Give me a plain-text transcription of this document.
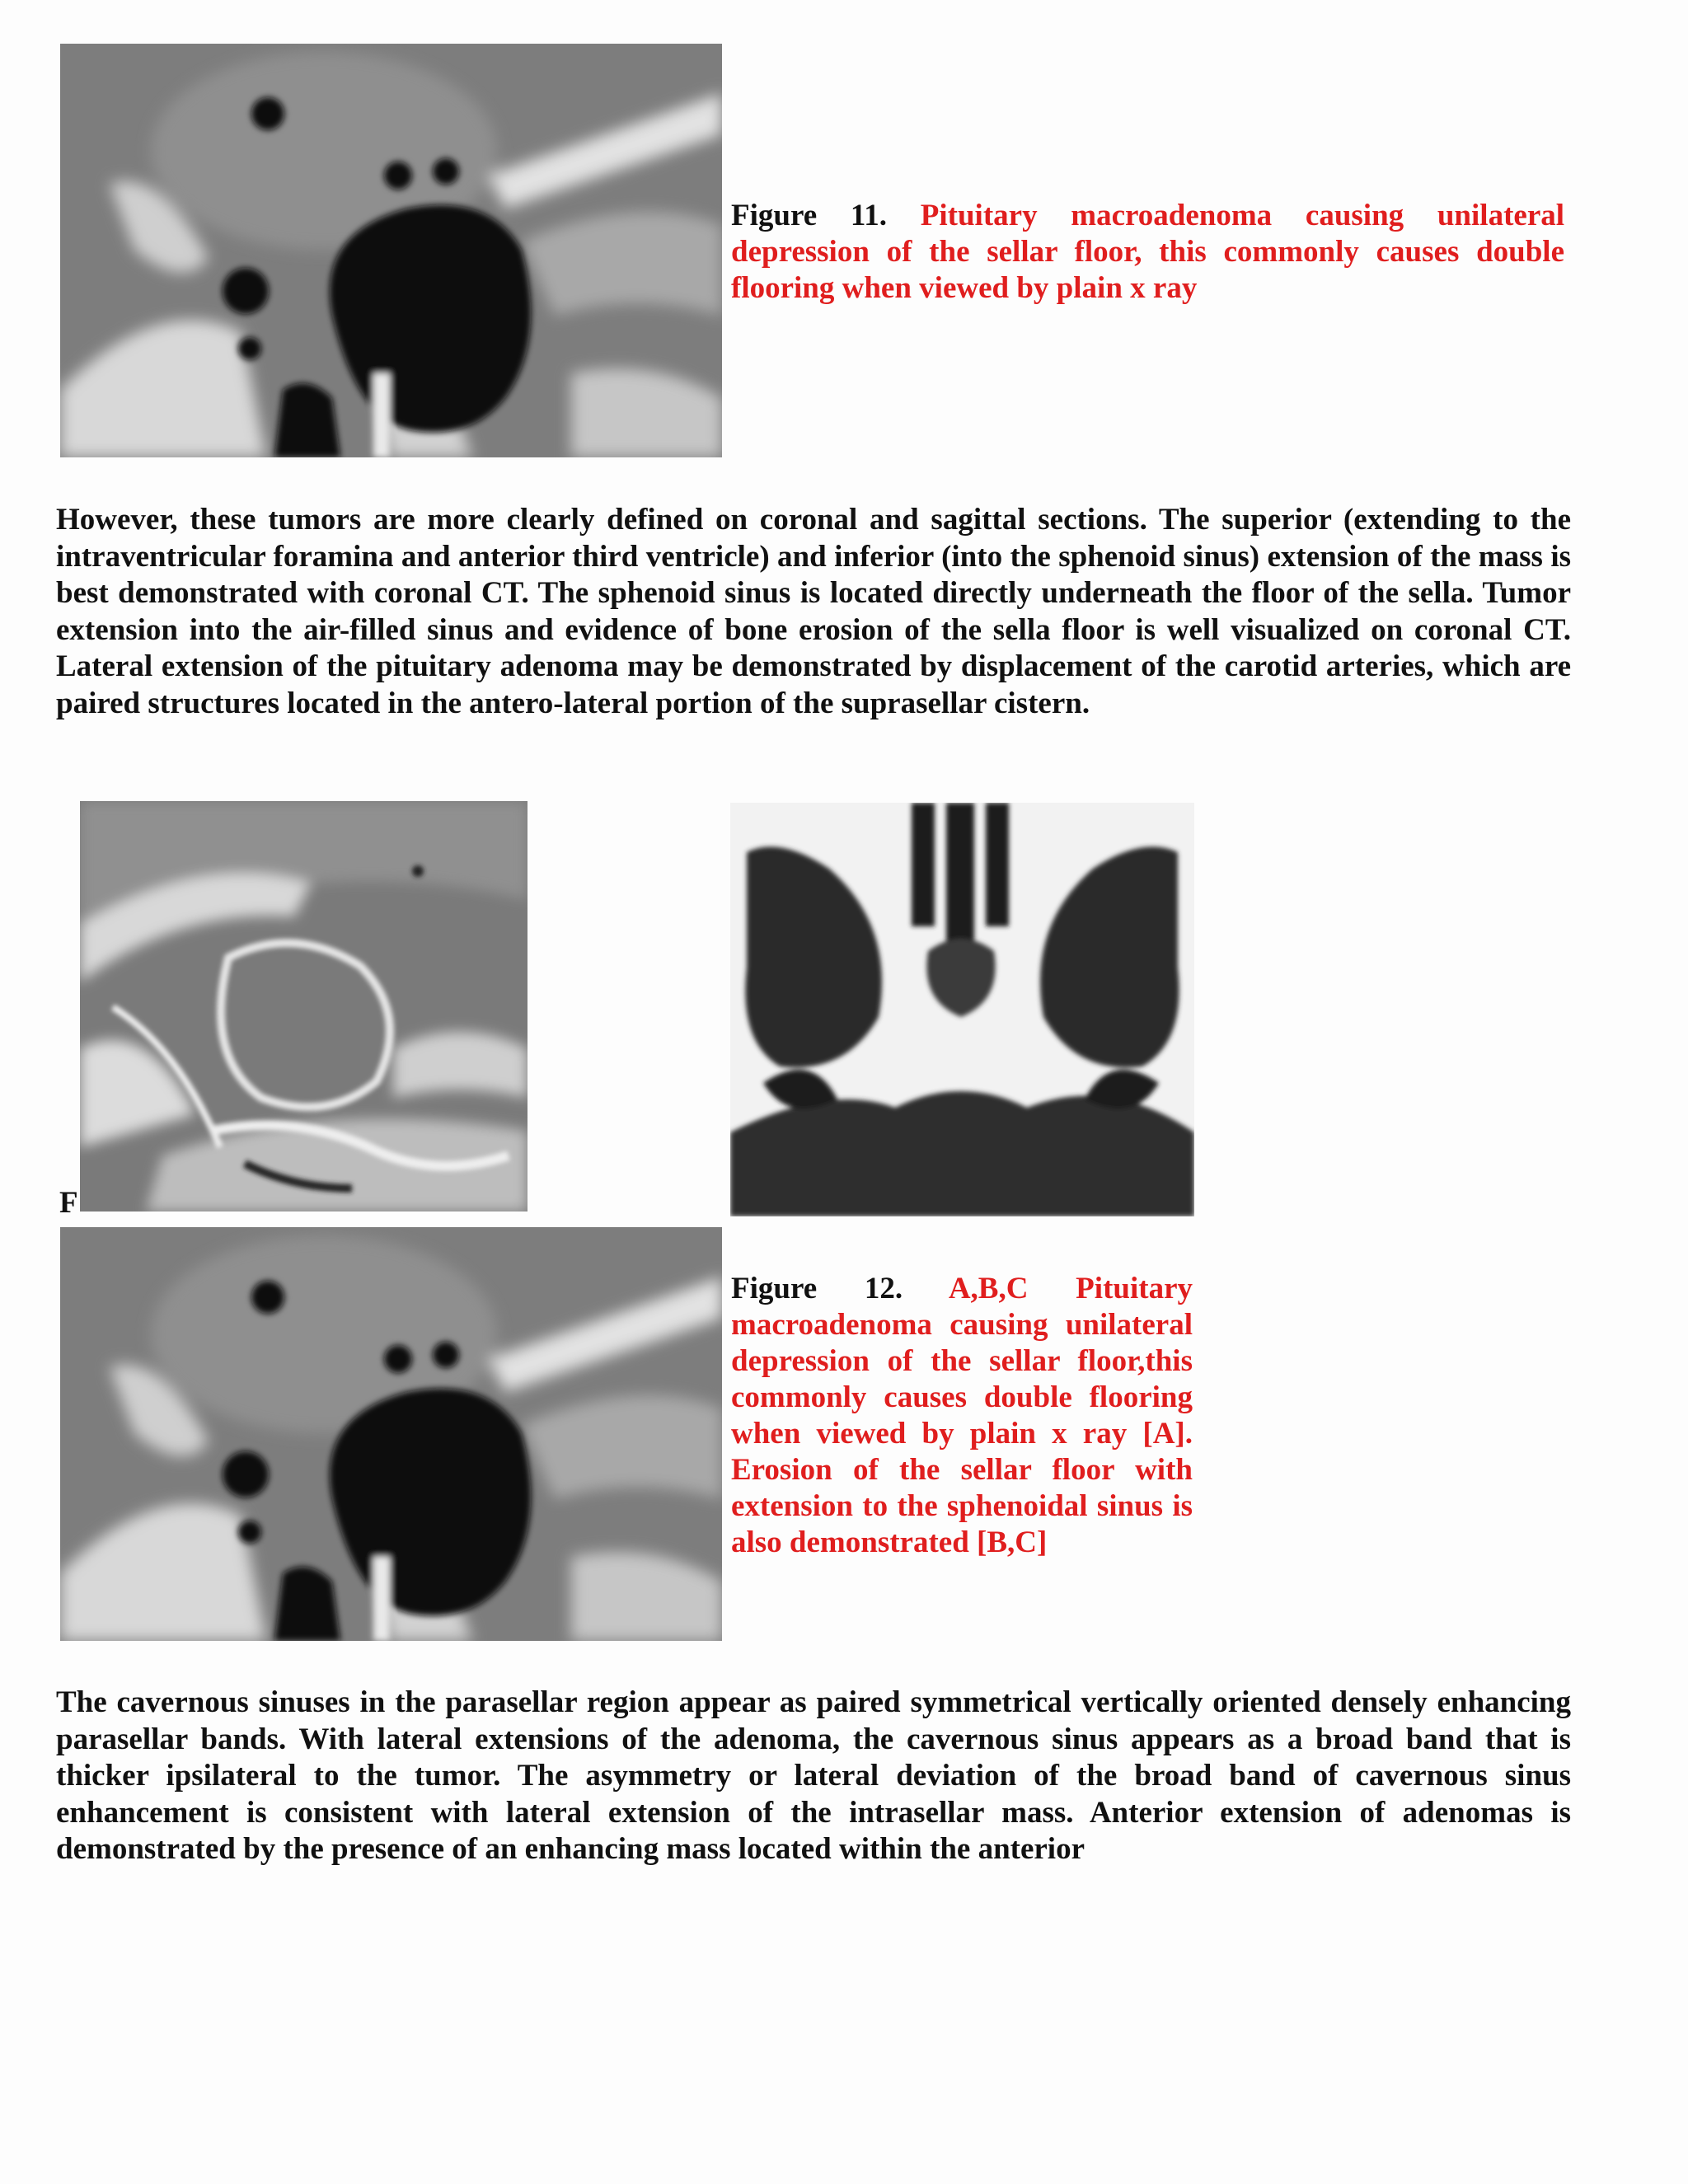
Figure 11. Pituitary macroadenoma causing unilateral depression of the sellar floor, this commonly causes double flooring when viewed by plain x ray
However, these tumors are more clearly defined on coronal and sagittal sections. The superior (extending to the intraventricular foramina and anterior third ventricle) and inferior (into the sphenoid sinus) extension of the mass is best demonstrated with coronal CT. The sphenoid sinus is located directly underneath the floor of the sella. Tumor extension into the air-filled sinus and evidence of bone erosion of the sella floor is well visualized on coronal CT. Lateral extension of the pituitary adenoma may be demonstrated by displacement of the carotid arteries, which are paired structures located in the antero-lateral portion of the suprasellar cistern.
F
Figure 12. A,B,C Pituitary macroadenoma causing unilateral depression of the sellar floor,this commonly causes double flooring when viewed by plain x ray [A]. Erosion of the sellar floor with extension to the sphenoidal sinus is also demonstrated [B,C]
The cavernous sinuses in the parasellar region appear as paired symmetrical vertically oriented densely enhancing parasellar bands. With lateral extensions of the adenoma, the cavernous sinus appears as a broad band that is thicker ipsilateral to the tumor. The asymmetry or lateral deviation of the broad band of cavernous sinus enhancement is consistent with lateral extension of the intrasellar mass. Anterior extension of adenomas is demonstrated by the presence of an enhancing mass located within the anterior
